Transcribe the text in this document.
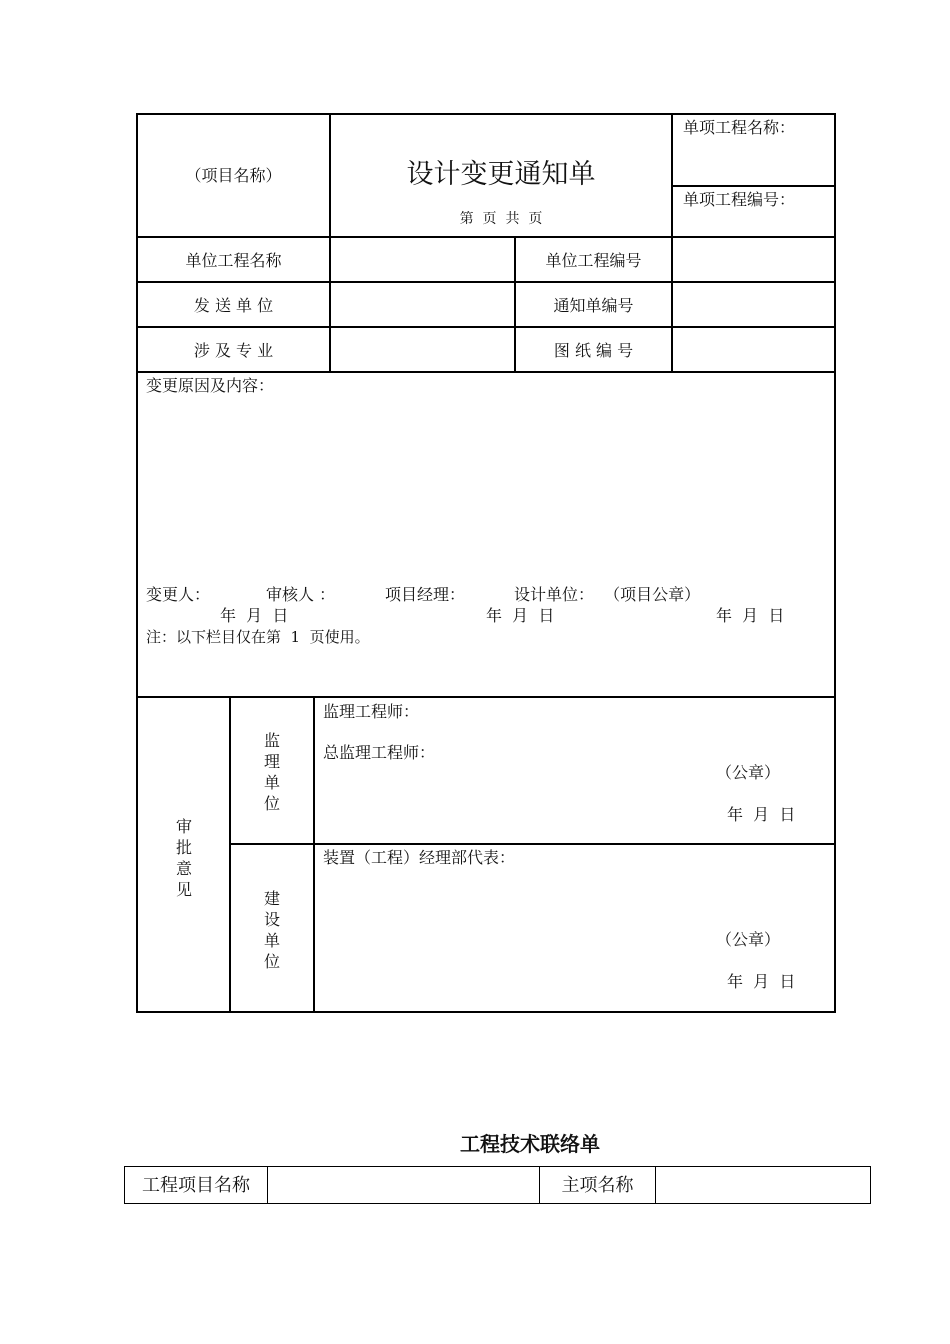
（项目名称）	设计变更通知单
第  页  共  页
单项工程名称：
单项工程编号：
单位工程名称	单位工程编号
发 送 单 位	通知单编号
涉 及 专 业	图 纸 编 号
变更原因及内容：
变更人：	审核人 ：	项目经理：	设计单位：  （项目公章）
年  月  日	年  月  日	年  月  日
注：以下栏目仅在第  1  页使用。
审
批
意
见
监
理
单
位
监理工程师：
总监理工程师：
（公章）
年  月  日
建
设
单
位
装置（工程）经理部代表：
（公章）
年  月  日
工程技术联络单
工程项目名称	主项名称
